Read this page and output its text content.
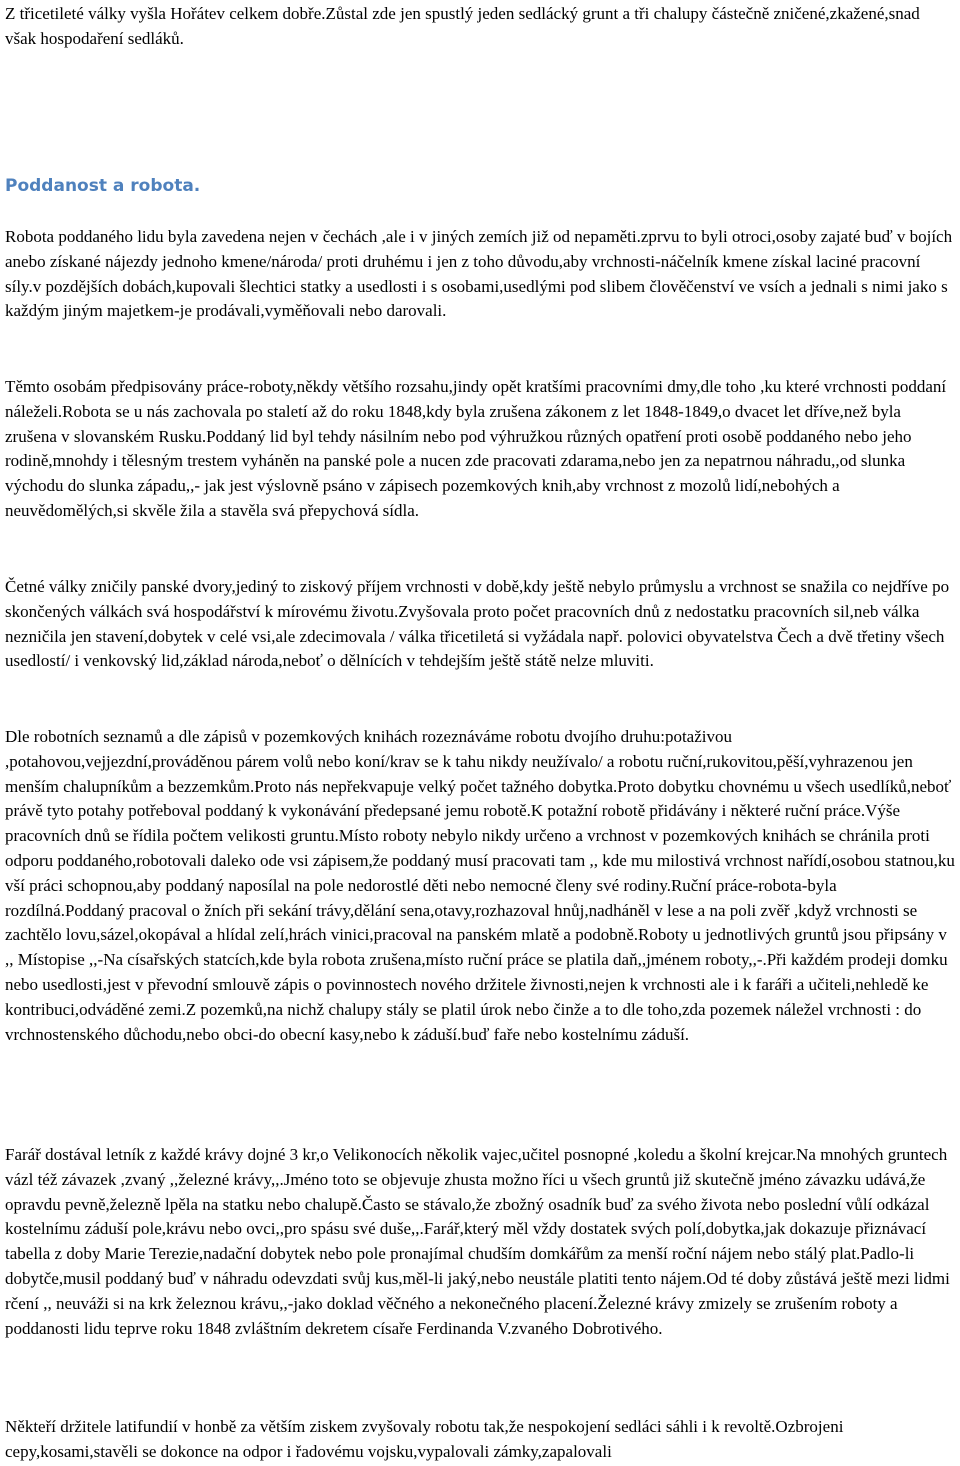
Z třicetileté války vyšla Hořátev celkem dobře.Zůstal zde jen spustlý jeden sedlácký grunt a tři chalupy částečně zničené,zkažené,snad však hospodaření sedláků.

Poddanost a robota.

Robota poddaného lidu byla zavedena nejen v čechách ,ale i v jiných zemích již od nepaměti.zprvu to byli otroci,osoby zajaté buď v bojích anebo získané nájezdy jednoho kmene/národa/ proti druhému i jen z toho důvodu,aby vrchnosti-náčelník kmene získal laciné pracovní síly.v pozdějších dobách,kupovali šlechtici statky a usedlosti i s osobami,usedlými pod slibem člověčenství ve vsích a jednali s nimi jako s každým jiným majetkem-je prodávali,vyměňovali nebo darovali.

Těmto osobám předpisovány práce-roboty,někdy většího rozsahu,jindy opět kratšími pracovními dmy,dle toho ,ku které vrchnosti poddaní náleželi.Robota se u nás zachovala po staletí až do roku 1848,kdy byla zrušena zákonem z let 1848-1849,o dvacet let dříve,než byla zrušena v slovanském Rusku.Poddaný lid byl tehdy násilním nebo pod výhružkou různých opatření proti osobě poddaného nebo jeho rodině,mnohdy i tělesným trestem vyháněn na panské pole a nucen zde pracovati zdarama,nebo jen za nepatrnou náhradu,,od slunka východu do slunka západu,,- jak jest výslovně psáno v zápisech pozemkových knih,aby vrchnost z mozolů lidí,nebohých a neuvědomělých,si skvěle žila a stavěla svá přepychová sídla.

Četné války zničily panské dvory,jediný to ziskový příjem vrchnosti v době,kdy ještě nebylo průmyslu a vrchnost se snažila co nejdříve po skončených válkách svá hospodářství k mírovému životu.Zvyšovala proto počet pracovních dnů z nedostatku pracovních sil,neb válka nezničila jen stavení,dobytek v celé vsi,ale zdecimovala / válka třicetiletá si vyžádala např. polovici obyvatelstva Čech a dvě třetiny všech usedlostí/ i venkovský lid,základ národa,neboť o dělnících v tehdejším ještě státě nelze mluviti.

Dle robotních seznamů a dle zápisů v pozemkových knihách rozeznáváme robotu dvojího druhu:potaživou ,potahovou,vejjezdní,prováděnou párem volů nebo koní/krav se k tahu nikdy neužívalo/ a robotu ruční,rukovitou,pěší,vyhrazenou jen menším chalupníkům a bezzemkům.Proto nás nepřekvapuje velký počet tažného dobytka.Proto dobytku chovnému u všech usedlíků,neboť právě tyto potahy potřeboval poddaný k vykonávání předepsané jemu robotě.K potažní robotě přidávány i některé ruční práce.Výše pracovních dnů se řídila počtem velikosti gruntu.Místo roboty nebylo nikdy určeno a vrchnost v pozemkových knihách se chránila proti odporu poddaného,robotovali daleko ode vsi zápisem,že poddaný musí pracovati tam ,, kde mu milostivá vrchnost nařídí,osobou statnou,ku vší práci schopnou,aby poddaný naposílal na pole nedorostlé děti nebo nemocné členy své rodiny.Ruční práce-robota-byla rozdílná.Poddaný pracoval o žních při sekání trávy,dělání sena,otavy,rozhazoval hnůj,nadháněl v lese a na poli zvěř ,když vrchnosti se zachtělo lovu,sázel,okopával a hlídal zelí,hrách vinici,pracoval na panském mlatě a podobně.Roboty u jednotlivých gruntů jsou připsány v ,, Místopise ,,-Na císařských statcích,kde byla robota zrušena,místo ruční práce se platila daň,,jménem roboty,,-.Při každém prodeji domku nebo usedlosti,jest v převodní smlouvě zápis o povinnostech nového držitele živnosti,nejen k vrchnosti ale i k faráři a učiteli,nehledě ke kontribuci,odváděné zemi.Z pozemků,na nichž chalupy stály se platil úrok nebo činže a to dle toho,zda pozemek náležel vrchnosti : do vrchnostenského důchodu,nebo obci-do obecní kasy,nebo k záduší.buď faře nebo kostelnímu záduší.

Farář dostával letník z každé krávy dojné 3 kr,o Velikonocích několik vajec,učitel posnopné ,koledu a školní krejcar.Na mnohých gruntech vázl též závazek ,zvaný ,,železné krávy,,.Jméno toto se objevuje zhusta možno říci u všech gruntů již skutečně jméno závazku udává,že opravdu pevně,železně lpěla na statku nebo chalupě.Často se stávalo,že zbožný osadník buď za svého života nebo poslední vůlí odkázal kostelnímu záduší pole,krávu nebo ovci,,pro spásu své duše,,.Farář,který měl vždy dostatek svých polí,dobytka,jak dokazuje přiznávací tabella z doby Marie Terezie,nadační dobytek nebo pole pronajímal chudším domkářům za menší roční nájem nebo stálý plat.Padlo-li dobytče,musil poddaný buď v náhradu odevzdati svůj kus,měl-li jaký,nebo neustále platiti tento nájem.Od té doby zůstává ještě mezi lidmi rčení ,, neuváži si na krk železnou krávu,,-jako doklad věčného a nekonečného placení.Železné krávy zmizely se zrušením roboty a poddanosti lidu teprve roku 1848 zvláštním dekretem císaře Ferdinanda V.zvaného Dobrotivého.

Někteří držitele latifundií v honbě za větším ziskem zvyšovaly robotu tak,že nespokojení sedláci sáhli i k revoltě.Ozbrojeni cepy,kosami,stavěli se dokonce na odpor i řadovému vojsku,vypalovali zámky,zapalovali
